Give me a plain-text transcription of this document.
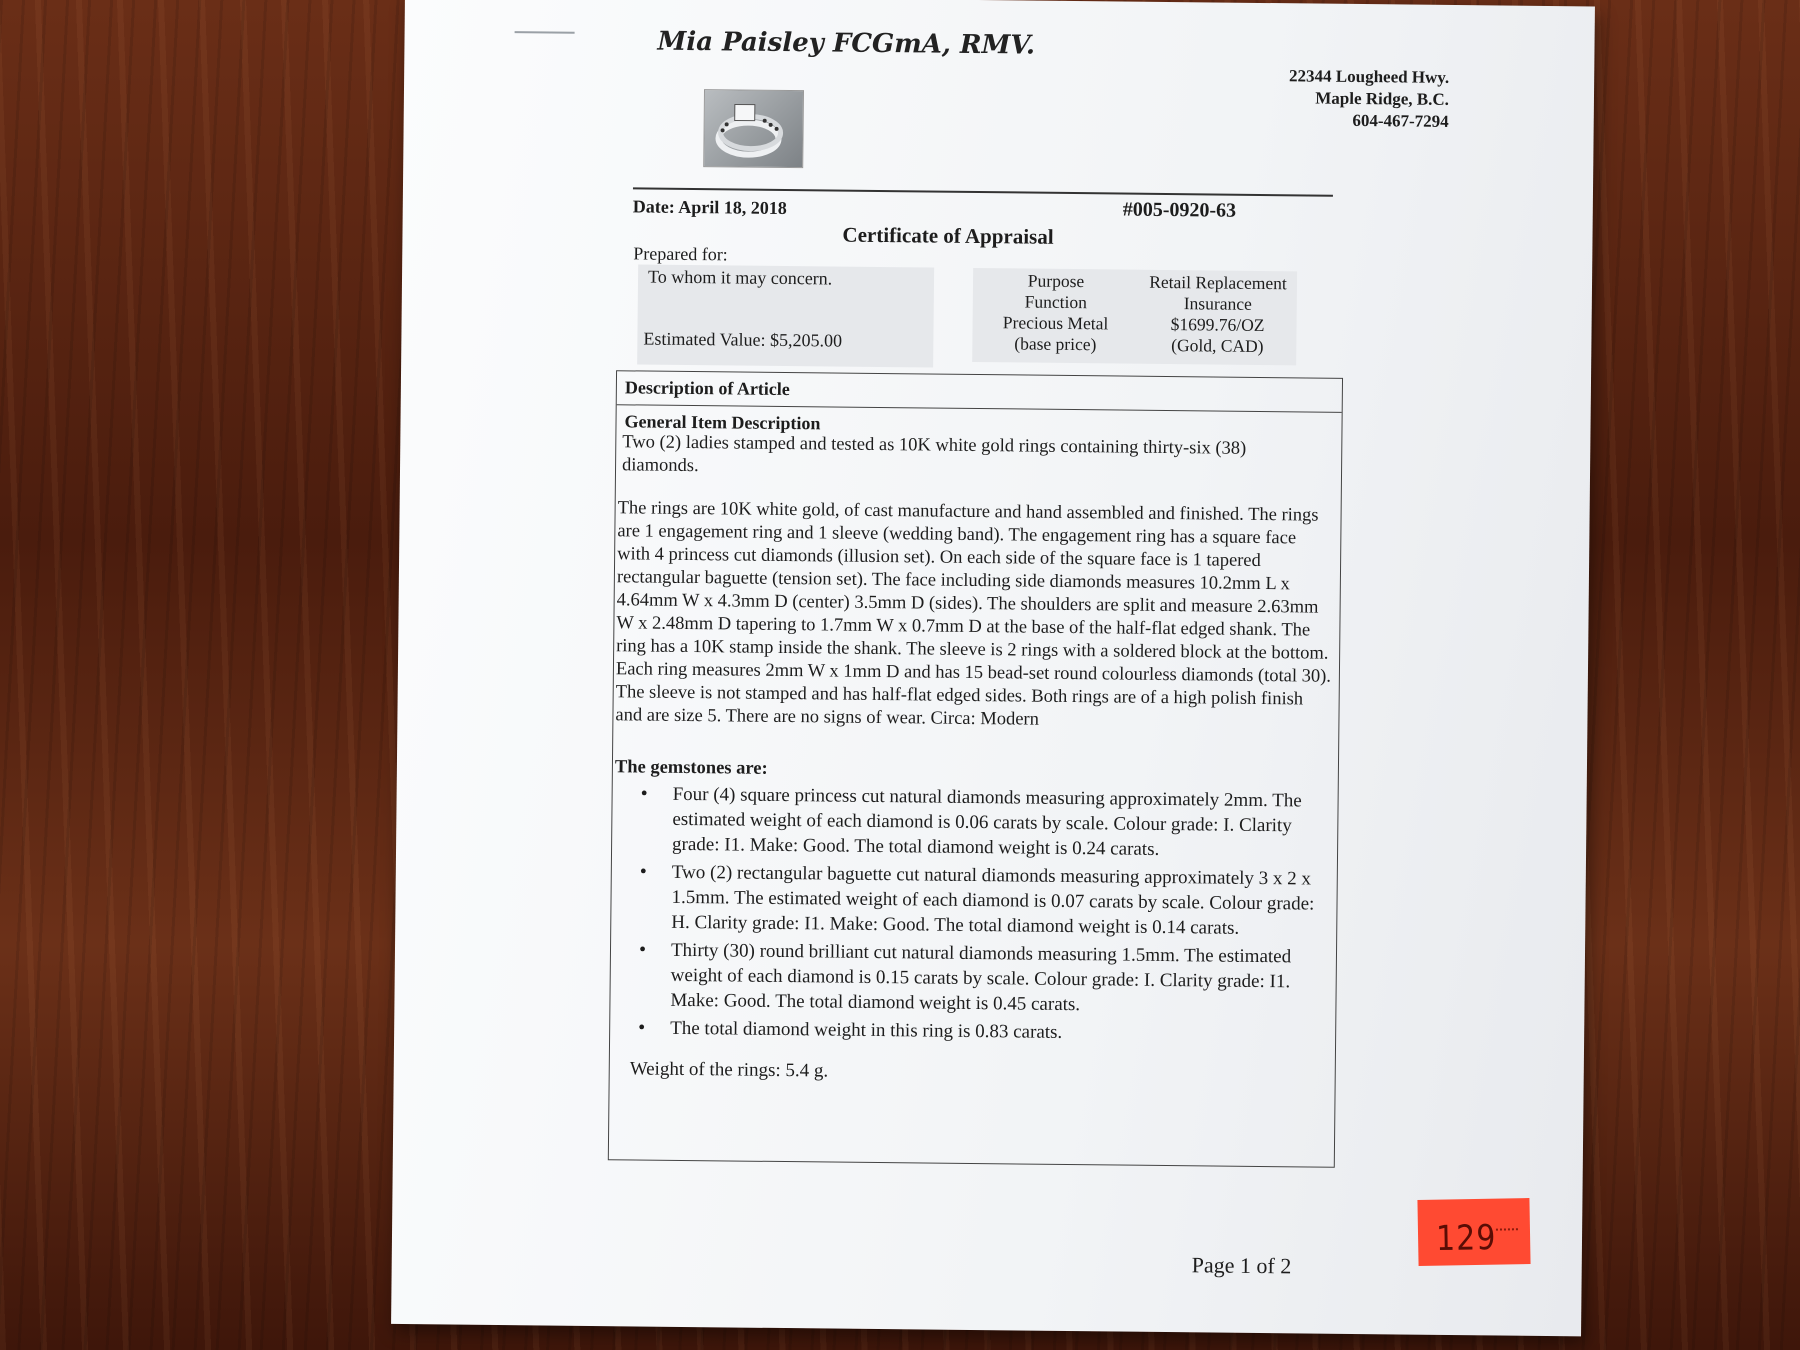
Mia Paisley FCGmA, RMV.
22344 Lougheed Hwy.
Maple Ridge, B.C.
604-467-7294
Date: April 18, 2018	#005-0920-63
Certificate of Appraisal
Prepared for:
To whom it may concern.
Estimated Value: $5,205.00
Purpose
Function
Precious Metal
(base price)
Retail Replacement
Insurance
$1699.76/OZ
(Gold, CAD)
Description of Article
General Item Description
Two (2) ladies stamped and tested as 10K white gold rings containing thirty-six (38) diamonds.
The rings are 10K white gold, of cast manufacture and hand assembled and finished. The rings are 1 engagement ring and 1 sleeve (wedding band). The engagement ring has a square face with 4 princess cut diamonds (illusion set). On each side of the square face is 1 tapered rectangular baguette (tension set). The face including side diamonds measures 10.2mm L x 4.64mm W x 4.3mm D (center) 3.5mm D (sides). The shoulders are split and measure 2.63mm W x 2.48mm D tapering to 1.7mm W x 0.7mm D at the base of the half-flat edged shank. The ring has a 10K stamp inside the shank. The sleeve is 2 rings with a soldered block at the bottom. Each ring measures 2mm W x 1mm D and has 15 bead-set round colourless diamonds (total 30). The sleeve is not stamped and has half-flat edged sides. Both rings are of a high polish finish and are size 5. There are no signs of wear. Circa: Modern
The gemstones are:
• Four (4) square princess cut natural diamonds measuring approximately 2mm. The estimated weight of each diamond is 0.06 carats by scale. Colour grade: I. Clarity grade: I1. Make: Good. The total diamond weight is 0.24 carats.
• Two (2) rectangular baguette cut natural diamonds measuring approximately 3 x 2 x 1.5mm. The estimated weight of each diamond is 0.07 carats by scale. Colour grade: H. Clarity grade: I1. Make: Good. The total diamond weight is 0.14 carats.
• Thirty (30) round brilliant cut natural diamonds measuring 1.5mm. The estimated weight of each diamond is 0.15 carats by scale. Colour grade: I. Clarity grade: I1. Make: Good. The total diamond weight is 0.45 carats.
• The total diamond weight in this ring is 0.83 carats.
Weight of the rings: 5.4 g.
Page 1 of 2
129
